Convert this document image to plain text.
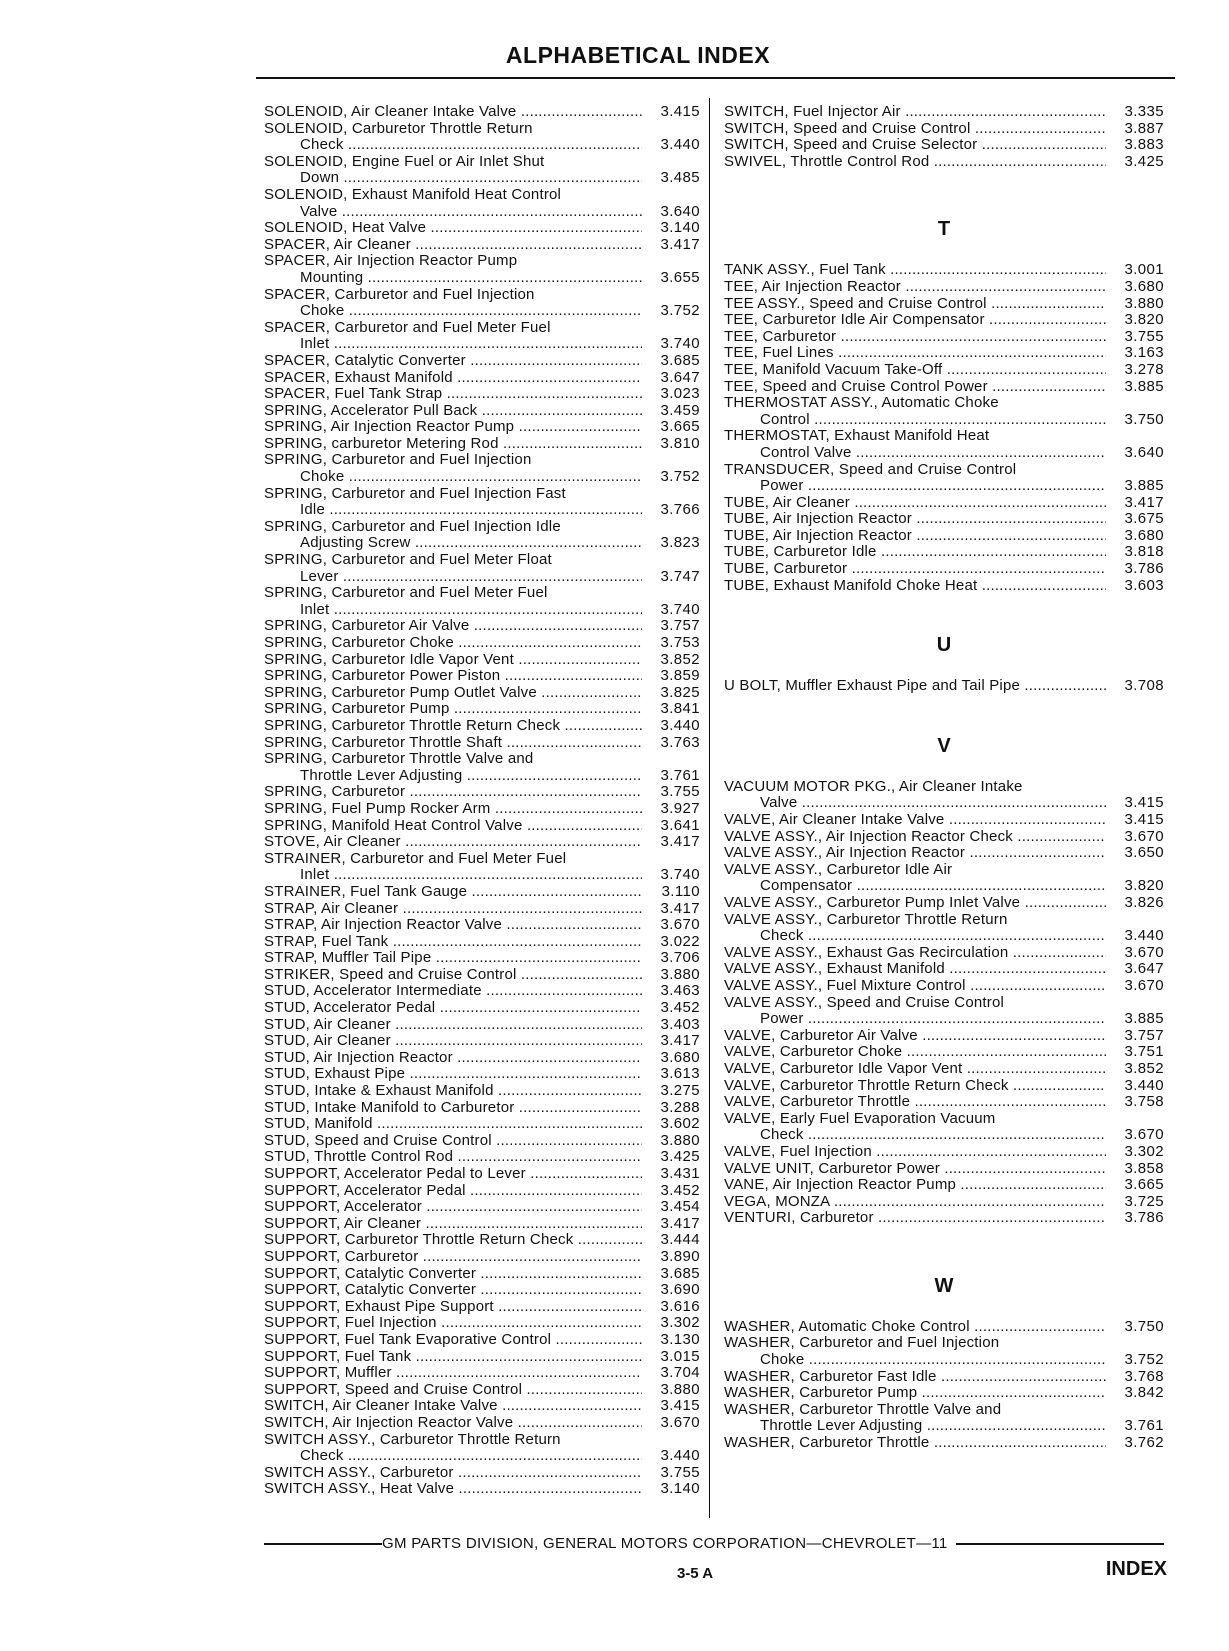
ALPHABETICAL INDEX
SOLENOID, Air Cleaner Intake Valve .....	3.415
SOLENOID, Carburetor Throttle Return
Check .....	3.440
SOLENOID, Engine Fuel or Air Inlet Shut
Down .....	3.485
SOLENOID, Exhaust Manifold Heat Control
Valve .....	3.640
SOLENOID, Heat Valve .....	3.140
SPACER, Air Cleaner .....	3.417
SPACER, Air Injection Reactor Pump
Mounting .....	3.655
SPACER, Carburetor and Fuel Injection
Choke .....	3.752
SPACER, Carburetor and Fuel Meter Fuel
Inlet .....	3.740
SPACER, Catalytic Converter .....	3.685
SPACER, Exhaust Manifold .....	3.647
SPACER, Fuel Tank Strap .....	3.023
SPRING, Accelerator Pull Back .....	3.459
SPRING, Air Injection Reactor Pump .....	3.665
SPRING, carburetor Metering Rod .....	3.810
SPRING, Carburetor and Fuel Injection
Choke .....	3.752
SPRING, Carburetor and Fuel Injection Fast
Idle .....	3.766
SPRING, Carburetor and Fuel Injection Idle
Adjusting Screw .....	3.823
SPRING, Carburetor and Fuel Meter Float
Lever .....	3.747
SPRING, Carburetor and Fuel Meter Fuel
Inlet .....	3.740
SPRING, Carburetor Air Valve .....	3.757
SPRING, Carburetor Choke .....	3.753
SPRING, Carburetor Idle Vapor Vent .....	3.852
SPRING, Carburetor Power Piston .....	3.859
SPRING, Carburetor Pump Outlet Valve .....	3.825
SPRING, Carburetor Pump .....	3.841
SPRING, Carburetor Throttle Return Check .....	3.440
SPRING, Carburetor Throttle Shaft .....	3.763
SPRING, Carburetor Throttle Valve and
Throttle Lever Adjusting .....	3.761
SPRING, Carburetor .....	3.755
SPRING, Fuel Pump Rocker Arm .....	3.927
SPRING, Manifold Heat Control Valve .....	3.641
STOVE, Air Cleaner .....	3.417
STRAINER, Carburetor and Fuel Meter Fuel
Inlet .....	3.740
STRAINER, Fuel Tank Gauge .....	3.110
STRAP, Air Cleaner .....	3.417
STRAP, Air Injection Reactor Valve .....	3.670
STRAP, Fuel Tank .....	3.022
STRAP, Muffler Tail Pipe .....	3.706
STRIKER, Speed and Cruise Control .....	3.880
STUD, Accelerator Intermediate .....	3.463
STUD, Accelerator Pedal .....	3.452
STUD, Air Cleaner .....	3.403
STUD, Air Cleaner .....	3.417
STUD, Air Injection Reactor .....	3.680
STUD, Exhaust Pipe .....	3.613
STUD, Intake & Exhaust Manifold .....	3.275
STUD, Intake Manifold to Carburetor .....	3.288
STUD, Manifold .....	3.602
STUD, Speed and Cruise Control .....	3.880
STUD, Throttle Control Rod .....	3.425
SUPPORT, Accelerator Pedal to Lever .....	3.431
SUPPORT, Accelerator Pedal .....	3.452
SUPPORT, Accelerator .....	3.454
SUPPORT, Air Cleaner .....	3.417
SUPPORT, Carburetor Throttle Return Check .....	3.444
SUPPORT, Carburetor .....	3.890
SUPPORT, Catalytic Converter .....	3.685
SUPPORT, Catalytic Converter .....	3.690
SUPPORT, Exhaust Pipe Support .....	3.616
SUPPORT, Fuel Injection .....	3.302
SUPPORT, Fuel Tank Evaporative Control .....	3.130
SUPPORT, Fuel Tank .....	3.015
SUPPORT, Muffler .....	3.704
SUPPORT, Speed and Cruise Control .....	3.880
SWITCH, Air Cleaner Intake Valve .....	3.415
SWITCH, Air Injection Reactor Valve .....	3.670
SWITCH ASSY., Carburetor Throttle Return
Check .....	3.440
SWITCH ASSY., Carburetor .....	3.755
SWITCH ASSY., Heat Valve .....	3.140
SWITCH, Fuel Injector Air .....	3.335
SWITCH, Speed and Cruise Control .....	3.887
SWITCH, Speed and Cruise Selector .....	3.883
SWIVEL, Throttle Control Rod .....	3.425
T
TANK ASSY., Fuel Tank .....	3.001
TEE, Air Injection Reactor .....	3.680
TEE ASSY., Speed and Cruise Control .....	3.880
TEE, Carburetor Idle Air Compensator .....	3.820
TEE, Carburetor .....	3.755
TEE, Fuel Lines .....	3.163
TEE, Manifold Vacuum Take-Off .....	3.278
TEE, Speed and Cruise Control Power .....	3.885
THERMOSTAT ASSY., Automatic Choke
Control .....	3.750
THERMOSTAT, Exhaust Manifold Heat
Control Valve .....	3.640
TRANSDUCER, Speed and Cruise Control
Power .....	3.885
TUBE, Air Cleaner .....	3.417
TUBE, Air Injection Reactor .....	3.675
TUBE, Air Injection Reactor .....	3.680
TUBE, Carburetor Idle .....	3.818
TUBE, Carburetor .....	3.786
TUBE, Exhaust Manifold Choke Heat .....	3.603
U
U BOLT, Muffler Exhaust Pipe and Tail Pipe .....	3.708
V
VACUUM MOTOR PKG., Air Cleaner Intake
Valve .....	3.415
VALVE, Air Cleaner Intake Valve .....	3.415
VALVE ASSY., Air Injection Reactor Check .....	3.670
VALVE ASSY., Air Injection Reactor .....	3.650
VALVE ASSY., Carburetor Idle Air
Compensator .....	3.820
VALVE ASSY., Carburetor Pump Inlet Valve .....	3.826
VALVE ASSY., Carburetor Throttle Return
Check .....	3.440
VALVE ASSY., Exhaust Gas Recirculation .....	3.670
VALVE ASSY., Exhaust Manifold .....	3.647
VALVE ASSY., Fuel Mixture Control .....	3.670
VALVE ASSY., Speed and Cruise Control
Power .....	3.885
VALVE, Carburetor Air Valve .....	3.757
VALVE, Carburetor Choke .....	3.751
VALVE, Carburetor Idle Vapor Vent .....	3.852
VALVE, Carburetor Throttle Return Check .....	3.440
VALVE, Carburetor Throttle .....	3.758
VALVE, Early Fuel Evaporation Vacuum
Check .....	3.670
VALVE, Fuel Injection .....	3.302
VALVE UNIT, Carburetor Power .....	3.858
VANE, Air Injection Reactor Pump .....	3.665
VEGA, MONZA .....	3.725
VENTURI, Carburetor .....	3.786
W
WASHER, Automatic Choke Control .....	3.750
WASHER, Carburetor and Fuel Injection
Choke .....	3.752
WASHER, Carburetor Fast Idle .....	3.768
WASHER, Carburetor Pump .....	3.842
WASHER, Carburetor Throttle Valve and
Throttle Lever Adjusting .....	3.761
WASHER, Carburetor Throttle .....	3.762
GM PARTS DIVISION, GENERAL MOTORS CORPORATION—CHEVROLET—11
3-5 A	INDEX
